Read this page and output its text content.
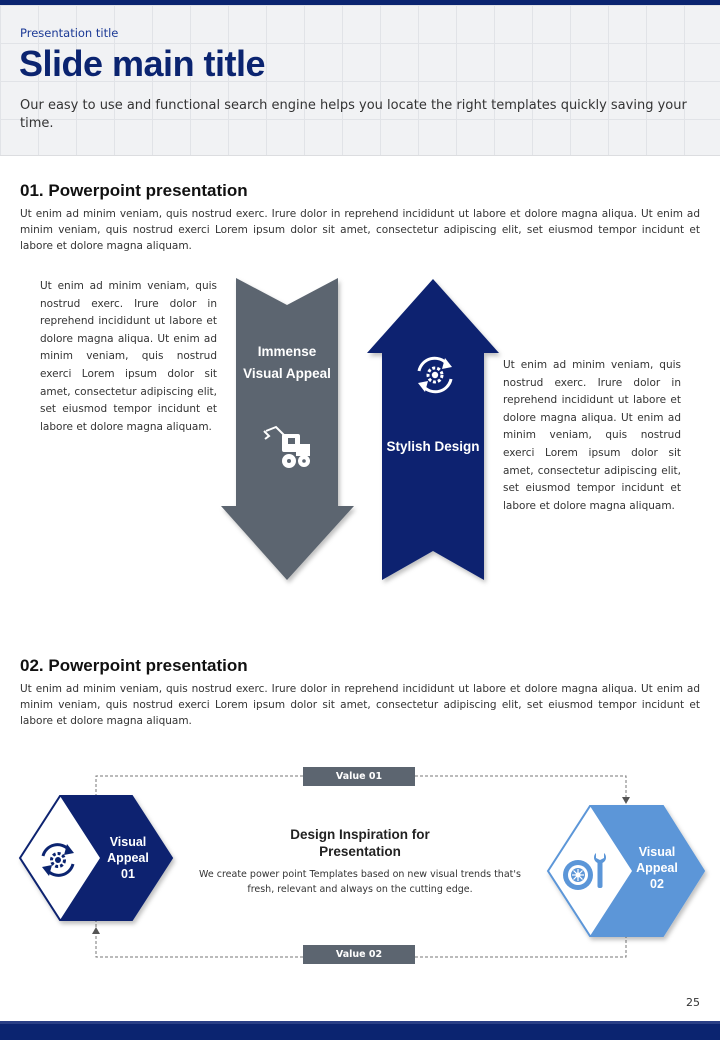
Presentation title
Slide main title
Our easy to use and functional search engine helps you locate the right templates quickly saving your time.
01. Powerpoint presentation
Ut enim ad minim veniam, quis nostrud exerc. Irure dolor in reprehend incididunt ut labore et dolore magna aliqua. Ut enim ad minim veniam, quis nostrud exerci Lorem ipsum dolor sit amet, consectetur adipiscing elit, set eiusmod tempor incidunt et labore et dolore magna aliquam.
Ut enim ad minim veniam, quis nostrud exerc. Irure dolor in reprehend incididunt ut labore et dolore magna aliqua. Ut enim ad minim veniam, quis nostrud exerci Lorem ipsum dolor sit amet, consectetur adipiscing elit, set eiusmod tempor incidunt et labore et dolore magna aliquam.
Ut enim ad minim veniam, quis nostrud exerc. Irure dolor in reprehend incididunt ut labore et dolore magna aliqua. Ut enim ad minim veniam, quis nostrud exerci Lorem ipsum dolor sit amet, consectetur adipiscing elit, set eiusmod tempor incidunt et labore et dolore magna aliquam.
Immense
Visual Appeal
Stylish Design
02. Powerpoint presentation
Ut enim ad minim veniam, quis nostrud exerc. Irure dolor in reprehend incididunt ut labore et dolore magna aliqua. Ut enim ad minim veniam, quis nostrud exerci Lorem ipsum dolor sit amet, consectetur adipiscing elit, set eiusmod tempor incidunt et labore et dolore magna aliquam.
Value 01
Value 02
Visual
Appeal
01
Visual
Appeal
02
Design Inspiration for
Presentation
We create power point Templates based on new visual trends that's fresh, relevant and always on the cutting edge.
25
